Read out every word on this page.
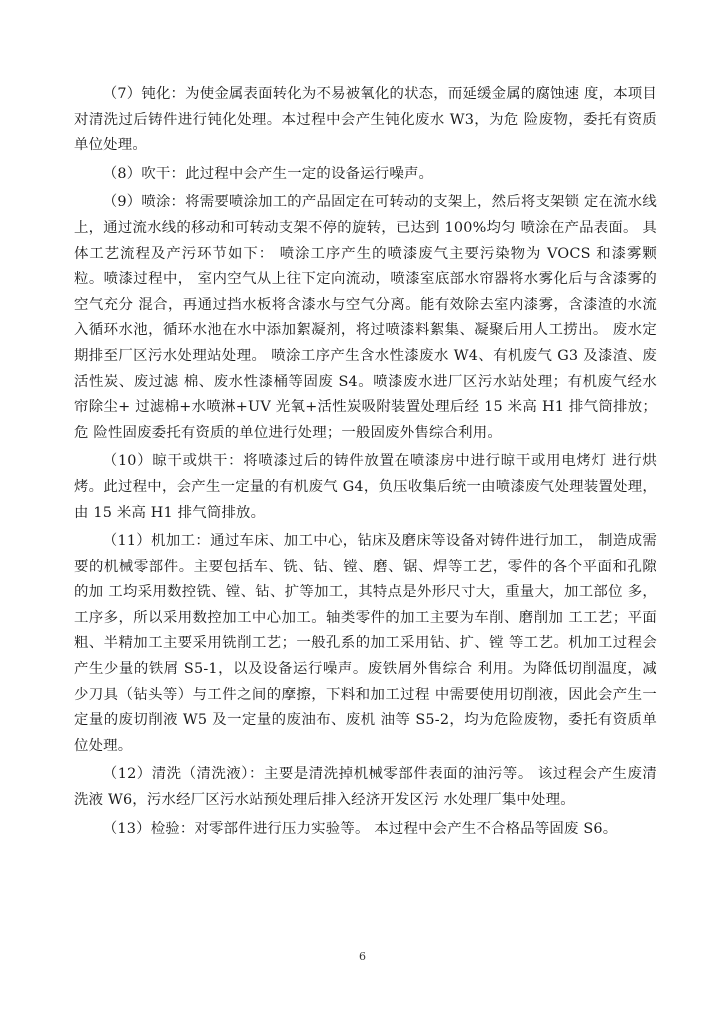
（7）钝化：为使金属表面转化为不易被氧化的状态，而延缓金属的腐蚀速 度，本项目对清洗过后铸件进行钝化处理。本过程中会产生钝化废水 W3，为危 险废物，委托有资质单位处理。

（8）吹干：此过程中会产生一定的设备运行噪声。

（9）喷涂：将需要喷涂加工的产品固定在可转动的支架上，然后将支架锁 定在流水线上，通过流水线的移动和可转动支架不停的旋转，已达到 100%均匀 喷涂在产品表面。 具体工艺流程及产污环节如下： 喷涂工序产生的喷漆废气主要污染物为 VOCS 和漆雾颗粒。喷漆过程中， 室内空气从上往下定向流动，喷漆室底部水帘器将水雾化后与含漆雾的空气充分 混合，再通过挡水板将含漆水与空气分离。能有效除去室内漆雾，含漆渣的水流 入循环水池，循环水池在水中添加絮凝剂，将过喷漆料絮集、凝聚后用人工捞出。 废水定期排至厂区污水处理站处理。 喷涂工序产生含水性漆废水 W4、有机废气 G3 及漆渣、废活性炭、废过滤 棉、废水性漆桶等固废 S4。喷漆废水进厂区污水站处理；有机废气经水帘除尘+ 过滤棉+水喷淋+UV 光氧+活性炭吸附装置处理后经 15 米高 H1 排气筒排放；危 险性固废委托有资质的单位进行处理；一般固废外售综合利用。

（10）晾干或烘干：将喷漆过后的铸件放置在喷漆房中进行晾干或用电烤灯 进行烘烤。此过程中，会产生一定量的有机废气 G4，负压收集后统一由喷漆废气处理装置处理，由 15 米高 H1 排气筒排放。

（11）机加工：通过车床、加工中心，钻床及磨床等设备对铸件进行加工， 制造成需要的机械零部件。主要包括车、铣、钻、镗、磨、锯、焊等工艺，零件的各个平面和孔隙的加 工均采用数控铣、镗、钻、扩等加工，其特点是外形尺寸大，重量大，加工部位 多，工序多，所以采用数控加工中心加工。轴类零件的加工主要为车削、磨削加 工工艺；平面粗、半精加工主要采用铣削工艺；一般孔系的加工采用钻、扩、镗 等工艺。机加工过程会产生少量的铁屑 S5-1，以及设备运行噪声。废铁屑外售综合 利用。为降低切削温度，减少刀具（钻头等）与工件之间的摩擦，下料和加工过程 中需要使用切削液，因此会产生一定量的废切削液 W5 及一定量的废油布、废机 油等 S5-2，均为危险废物，委托有资质单位处理。

（12）清洗（清洗液）：主要是清洗掉机械零部件表面的油污等。 该过程会产生废清洗液 W6，污水经厂区污水站预处理后排入经济开发区污 水处理厂集中处理。

（13）检验：对零部件进行压力实验等。 本过程中会产生不合格品等固废 S6。

6
